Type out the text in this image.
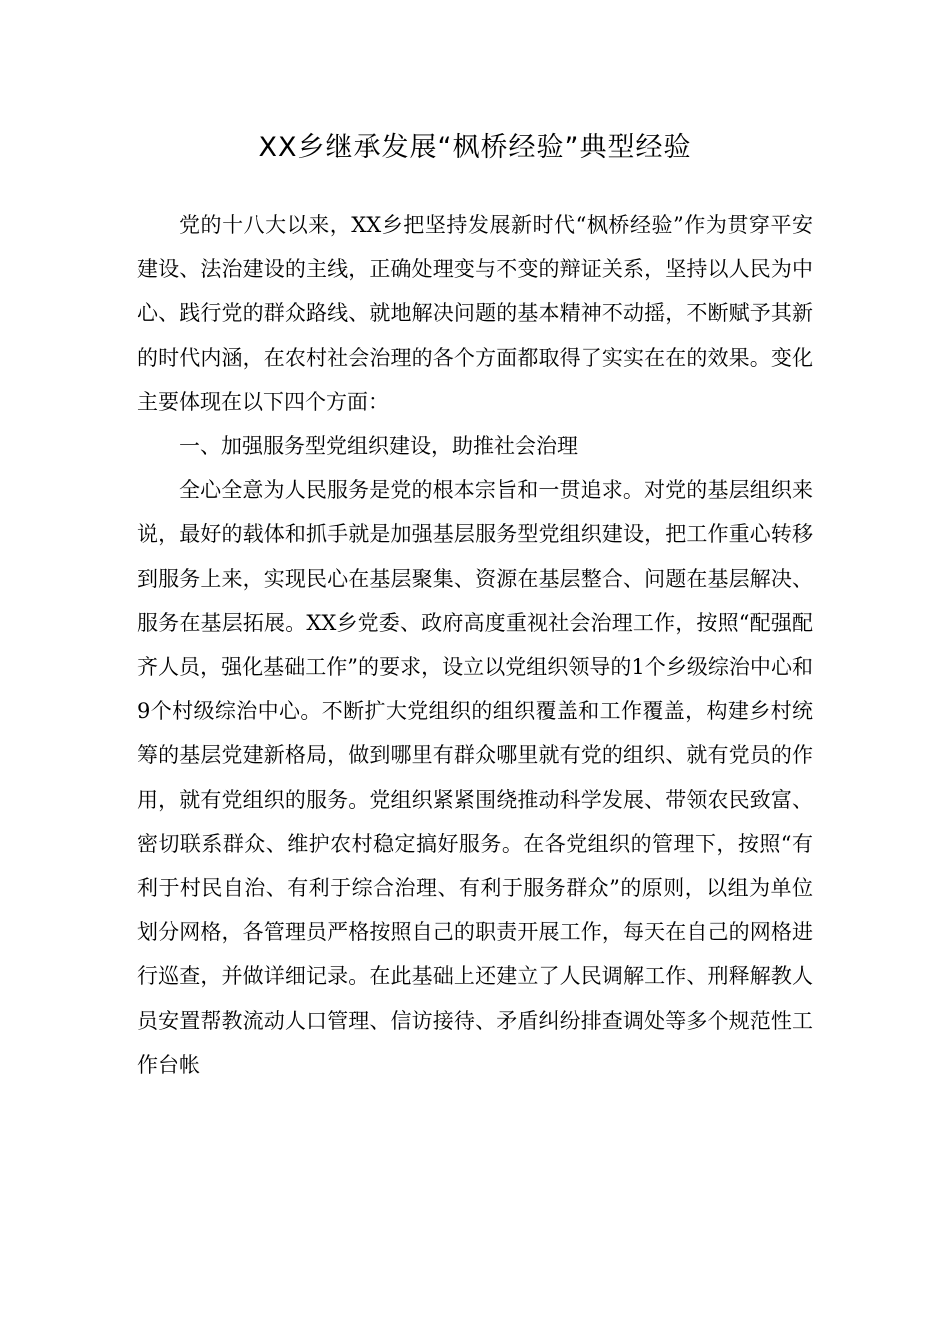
XX乡继承发展“枫桥经验”典型经验

党的十八大以来，XX乡把坚持发展新时代“枫桥经验”作为贯穿平安建设、法治建设的主线，正确处理变与不变的辩证关系，坚持以人民为中心、践行党的群众路线、就地解决问题的基本精神不动摇，不断赋予其新的时代内涵，在农村社会治理的各个方面都取得了实实在在的效果。变化主要体现在以下四个方面：

一、加强服务型党组织建设，助推社会治理

全心全意为人民服务是党的根本宗旨和一贯追求。对党的基层组织来说，最好的载体和抓手就是加强基层服务型党组织建设，把工作重心转移到服务上来，实现民心在基层聚集、资源在基层整合、问题在基层解决、服务在基层拓展。XX乡党委、政府高度重视社会治理工作，按照“配强配齐人员，强化基础工作”的要求，设立以党组织领导的1个乡级综治中心和9个村级综治中心。不断扩大党组织的组织覆盖和工作覆盖，构建乡村统筹的基层党建新格局，做到哪里有群众哪里就有党的组织、就有党员的作用，就有党组织的服务。党组织紧紧围绕推动科学发展、带领农民致富、密切联系群众、维护农村稳定搞好服务。在各党组织的管理下，按照“有利于村民自治、有利于综合治理、有利于服务群众”的原则，以组为单位划分网格，各管理员严格按照自己的职责开展工作，每天在自己的网格进行巡查，并做详细记录。在此基础上还建立了人民调解工作、刑释解教人员安置帮教流动人口管理、信访接待、矛盾纠纷排查调处等多个规范性工作台帐
